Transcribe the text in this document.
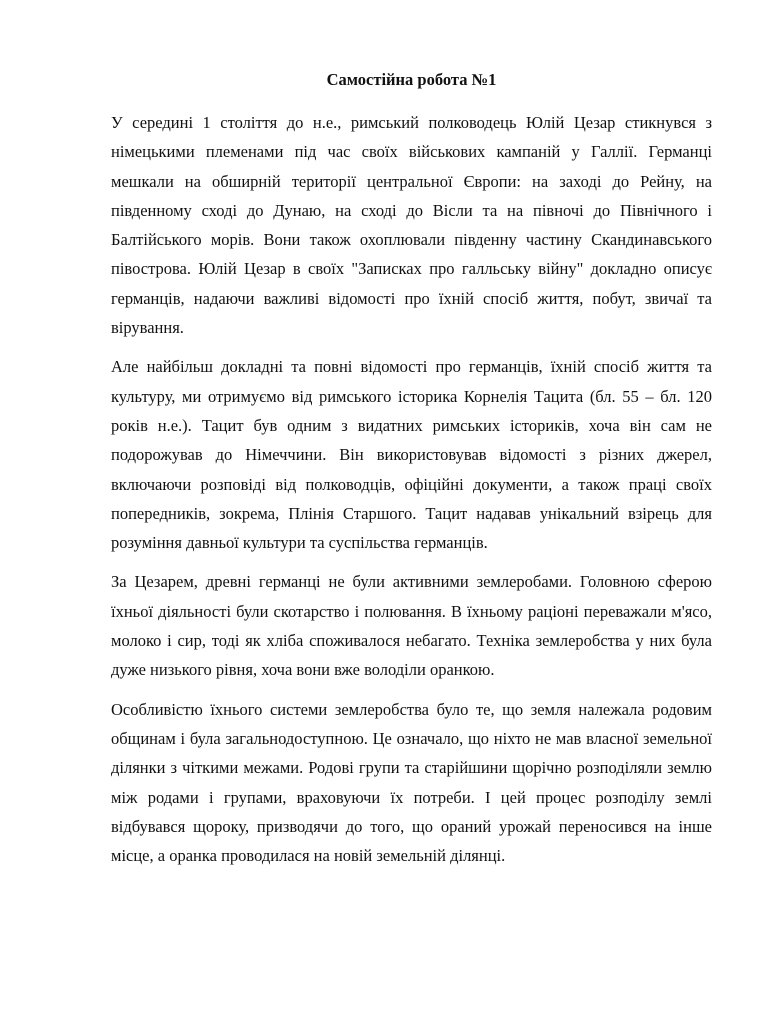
Самостійна робота №1

У середині 1 століття до н.е., римський полководець Юлій Цезар стикнувся з німецькими племенами під час своїх військових кампаній у Галлії. Германці мешкали на обширній території центральної Європи: на заході до Рейну, на південному сході до Дунаю, на сході до Вісли та на півночі до Північного і Балтійського морів. Вони також охоплювали південну частину Скандинавського півострова. Юлій Цезар в своїх "Записках про галльську війну" докладно описує германців, надаючи важливі відомості про їхній спосіб життя, побут, звичаї та вірування.

Але найбільш докладні та повні відомості про германців, їхній спосіб життя та культуру, ми отримуємо від римського історика Корнелія Тацита (бл. 55 – бл. 120 років н.е.). Тацит був одним з видатних римських істориків, хоча він сам не подорожував до Німеччини. Він використовував відомості з різних джерел, включаючи розповіді від полководців, офіційні документи, а також праці своїх попередників, зокрема, Плінія Старшого. Тацит надавав унікальний взірець для розуміння давньої культури та суспільства германців.

За Цезарем, древні германці не були активними землеробами. Головною сферою їхньої діяльності були скотарство і полювання. В їхньому раціоні переважали м'ясо, молоко і сир, тоді як хліба споживалося небагато. Техніка землеробства у них була дуже низького рівня, хоча вони вже володіли оранкою.

Особливістю їхнього системи землеробства було те, що земля належала родовим общинам і була загальнодоступною. Це означало, що ніхто не мав власної земельної ділянки з чіткими межами. Родові групи та старійшини щорічно розподіляли землю між родами і групами, враховуючи їх потреби. І цей процес розподілу землі відбувався щороку, призводячи до того, що ораний урожай переносився на інше місце, а оранка проводилася на новій земельній ділянці.
